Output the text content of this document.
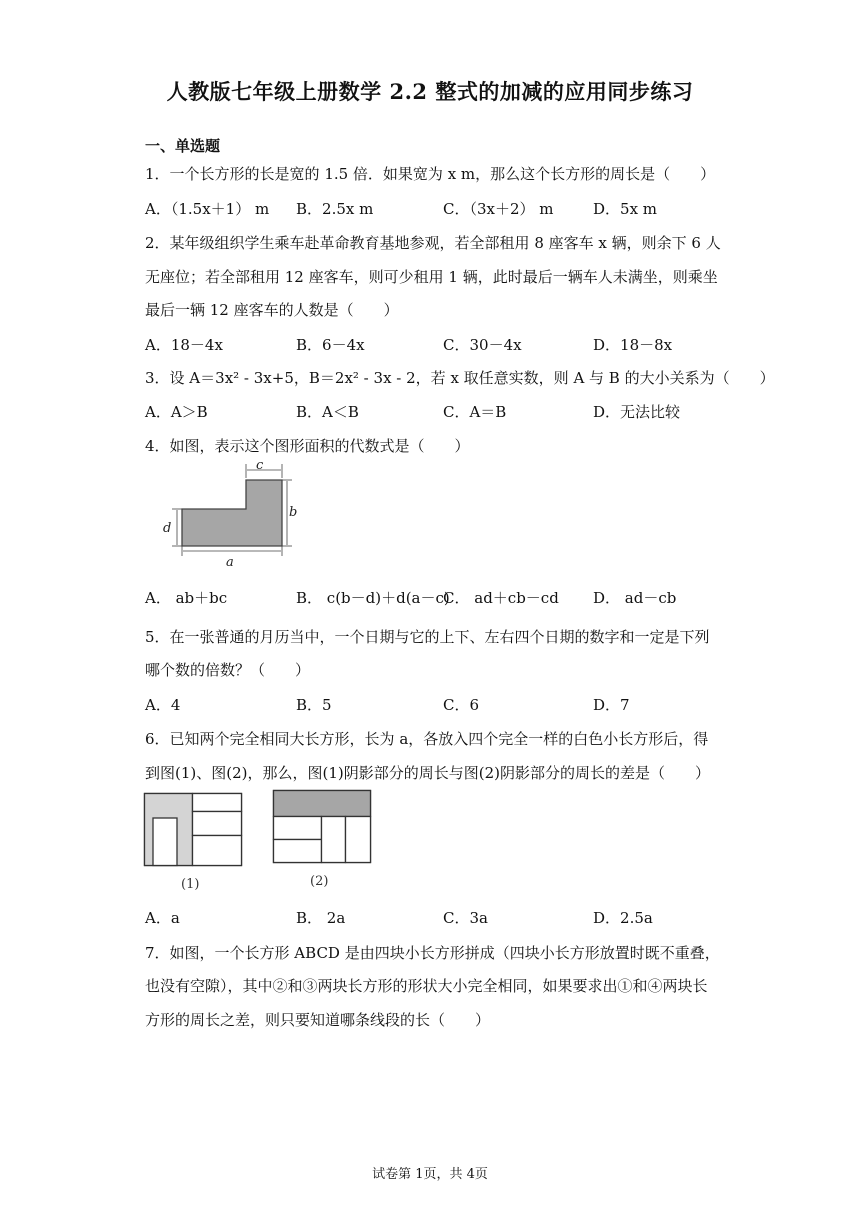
人教版七年级上册数学 2.2 整式的加减的应用同步练习
一、单选题
1．一个长方形的长是宽的 1.5 倍．如果宽为 x m，那么这个长方形的周长是（　　）
A．（1.5x＋1） m B．2.5x m	C．（3x＋2） m	D．5x m
2．某年级组织学生乘车赴革命教育基地参观，若全部租用 8 座客车 x 辆，则余下 6 人
无座位；若全部租用 12 座客车，则可少租用 1 辆，此时最后一辆车人未满坐，则乘坐
最后一辆 12 座客车的人数是（　　）
A．18－4x	B．6－4x	C．30－4x	D．18－8x
3．设 A＝3x² ‐ 3x+5，B＝2x² ‐ 3x ‐ 2，若 x 取任意实数，则 A 与 B 的大小关系为（　　）
A．A＞B	B．A＜B	C．A＝B	D．无法比较
4．如图，表示这个图形面积的代数式是（　　）
c
b
d
a
A． ab＋bc	B． c(b－d)＋d(a－c)
C． ad＋cb－cd D． ad－cb
5．在一张普通的月历当中，一个日期与它的上下、左右四个日期的数字和一定是下列
哪个数的倍数？（　　）
A．4	B．5	C．6	D．7
6．已知两个完全相同大长方形，长为 a，各放入四个完全一样的白色小长方形后，得
到图(1)、图(2)，那么，图(1)阴影部分的周长与图(2)阴影部分的周长的差是（　　）
(1)	(2)
A．a	B． 2a	C．3a	D．2.5a
7．如图，一个长方形 ABCD 是由四块小长方形拼成（四块小长方形放置时既不重叠，
也没有空隙），其中②和③两块长方形的形状大小完全相同，如果要求出①和④两块长
方形的周长之差，则只要知道哪条线段的长（　　）
试卷第 1页，共 4页
